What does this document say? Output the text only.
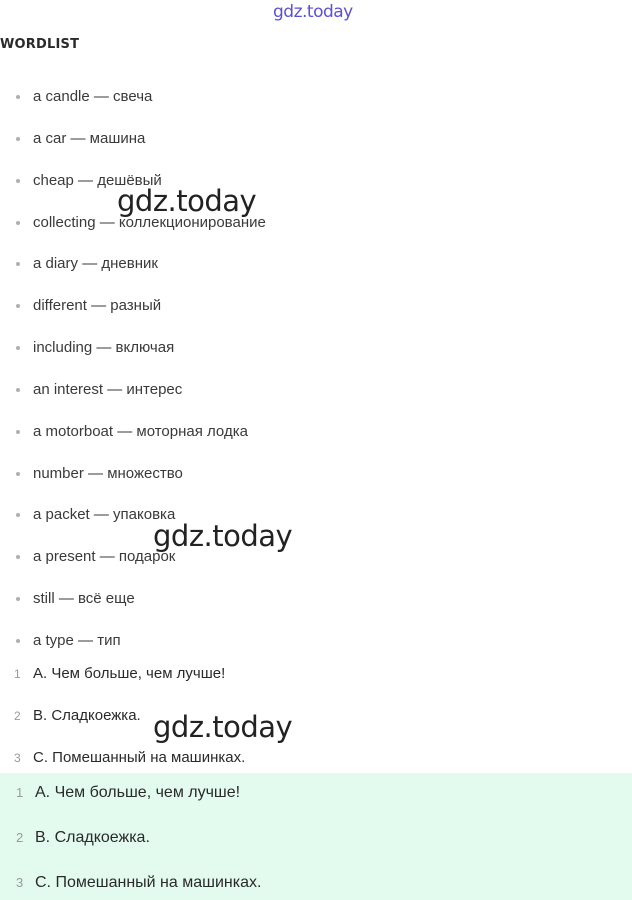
gdz.today
WORDLIST
a candle — свеча
a car — машина
cheap — дешёвый
collecting — коллекционирование
a diary — дневник
different — разный
including — включая
an interest — интерес
a motorboat — моторная лодка
number — множество
a packet — упаковка
a present — подарок
still — всё еще
a type — тип
1 A. Чем больше, чем лучше!
2 B. Сладкоежка.
3 C. Помешанный на машинках.
1 A. Чем больше, чем лучше!
2 B. Сладкоежка.
3 C. Помешанный на машинках.
gdz.today
gdz.today
gdz.today
